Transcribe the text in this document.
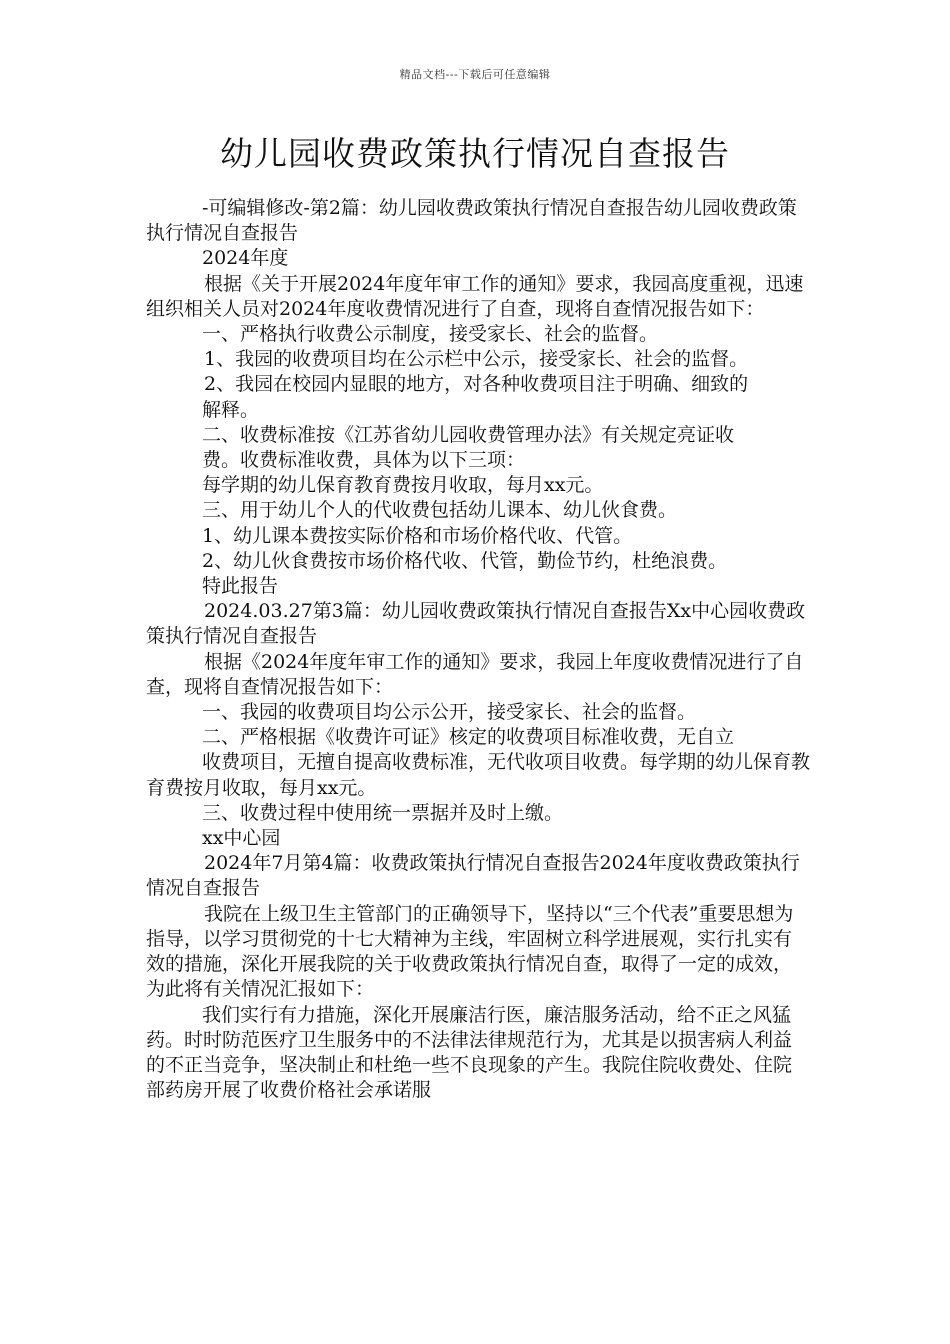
精品文档---下载后可任意编辑
幼儿园收费政策执行情况自查报告

-可编辑修改-第2篇：幼儿园收费政策执行情况自查报告幼儿园收费政策执行情况自查报告

2024年度

根据《关于开展2024年度年审工作的通知》要求，我园高度重视，迅速组织相关人员对2024年度收费情况进行了自查，现将自查情况报告如下：

一、严格执行收费公示制度，接受家长、社会的监督。

1、我园的收费项目均在公示栏中公示，接受家长、社会的监督。

2、我园在校园内显眼的地方，对各种收费项目注于明确、细致的

解释。

二、收费标准按《江苏省幼儿园收费管理办法》有关规定亮证收

费。收费标准收费，具体为以下三项：

每学期的幼儿保育教育费按月收取，每月xx元。

三、用于幼儿个人的代收费包括幼儿课本、幼儿伙食费。

1、幼儿课本费按实际价格和市场价格代收、代管。

2、幼儿伙食费按市场价格代收、代管，勤俭节约，杜绝浪费。

特此报告

2024.03.27第3篇：幼儿园收费政策执行情况自查报告Xx中心园收费政策执行情况自查报告

根据《2024年度年审工作的通知》要求，我园上年度收费情况进行了自查，现将自查情况报告如下：

一、我园的收费项目均公示公开，接受家长、社会的监督。

二、严格根据《收费许可证》核定的收费项目标准收费，无自立

收费项目，无擅自提高收费标准，无代收项目收费。每学期的幼儿保育教育费按月收取，每月xx元。

三、收费过程中使用统一票据并及时上缴。

xx中心园

2024年7月第4篇：收费政策执行情况自查报告2024年度收费政策执行情况自查报告

我院在上级卫生主管部门的正确领导下，坚持以“三个代表”重要思想为指导，以学习贯彻党的十七大精神为主线，牢固树立科学进展观，实行扎实有效的措施，深化开展我院的关于收费政策执行情况自查，取得了一定的成效，为此将有关情况汇报如下：

我们实行有力措施，深化开展廉洁行医，廉洁服务活动，给不正之风猛药。时时防范医疗卫生服务中的不法律法律规范行为，尤其是以损害病人利益的不正当竞争，坚决制止和杜绝一些不良现象的产生。我院住院收费处、住院部药房开展了收费价格社会承诺服
